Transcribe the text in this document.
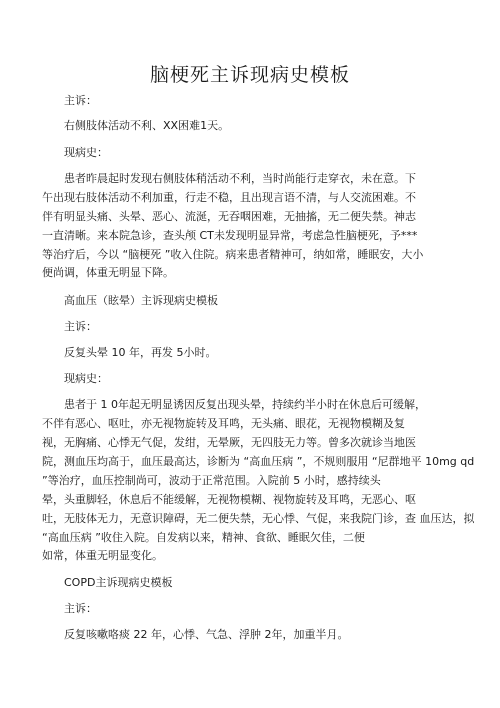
脑梗死主诉现病史模板
主诉：
右侧肢体活动不利、XX困难1天。
现病史：
患者昨晨起时发现右侧肢体稍活动不利，当时尚能行走穿衣，未在意。下
午出现右肢体活动不利加重，行走不稳，且出现言语不清，与人交流困难。不
伴有明显头痛、头晕、恶心、流涎，无吞咽困难，无抽搐，无二便失禁。神志
一直清晰。来本院急诊，查头颅 CT未发现明显异常，考虑急性脑梗死，予***
等治疗后，今以 “脑梗死 ”收入住院。病来患者精神可，纳如常，睡眠安，大小
便尚调，体重无明显下降。
高血压（眩晕）主诉现病史模板
主诉：
反复头晕 10 年，再发 5小时。
现病史：
患者于 1 0年起无明显诱因反复出现头晕，持续约半小时在休息后可缓解，
不伴有恶心、呕吐，亦无视物旋转及耳鸣，无头痛、眼花，无视物模糊及复
视，无胸痛、心悸无气促，发绀，无晕厥，无四肢无力等。曾多次就诊当地医
院，测血压均高于，血压最高达，诊断为 “高血压病 ”，不规则服用 “尼群地平 10mg qd
”等治疗，血压控制尚可，波动于正常范围。入院前 5 小时，感持续头
晕，头重脚轻，休息后不能缓解，无视物模糊、视物旋转及耳鸣，无恶心、呕
吐，无肢体无力，无意识障碍，无二便失禁，无心悸、气促，来我院门诊，查 血压达，拟
“高血压病 ”收住入院。自发病以来，精神、食欲、睡眠欠佳，二便
如常，体重无明显变化。
COPD主诉现病史模板
主诉：
反复咳嗽咯痰 22 年，心悸、气急、浮肿 2年，加重半月。
